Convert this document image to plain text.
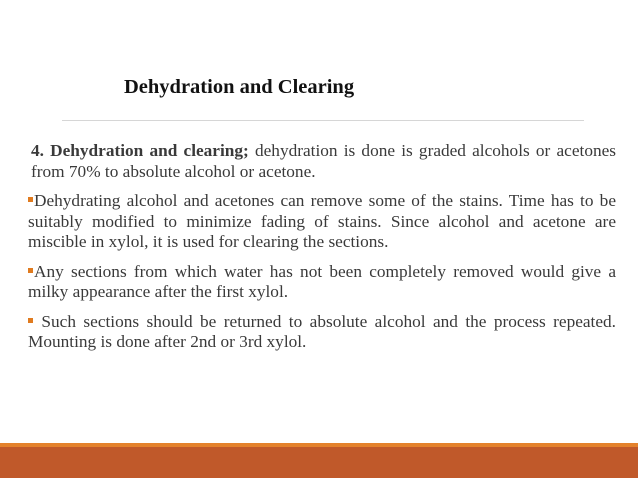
Dehydration and Clearing

4. Dehydration and clearing; dehydration is done is graded alcohols or acetones from 70% to absolute alcohol or acetone.

Dehydrating alcohol and acetones can remove some of the stains. Time has to be suitably modified to minimize fading of stains. Since alcohol and acetone are miscible in xylol, it is used for clearing the sections.

Any sections from which water has not been completely removed would give a milky appearance after the first xylol.

Such sections should be returned to absolute alcohol and the process repeated. Mounting is done after 2nd or 3rd xylol.
